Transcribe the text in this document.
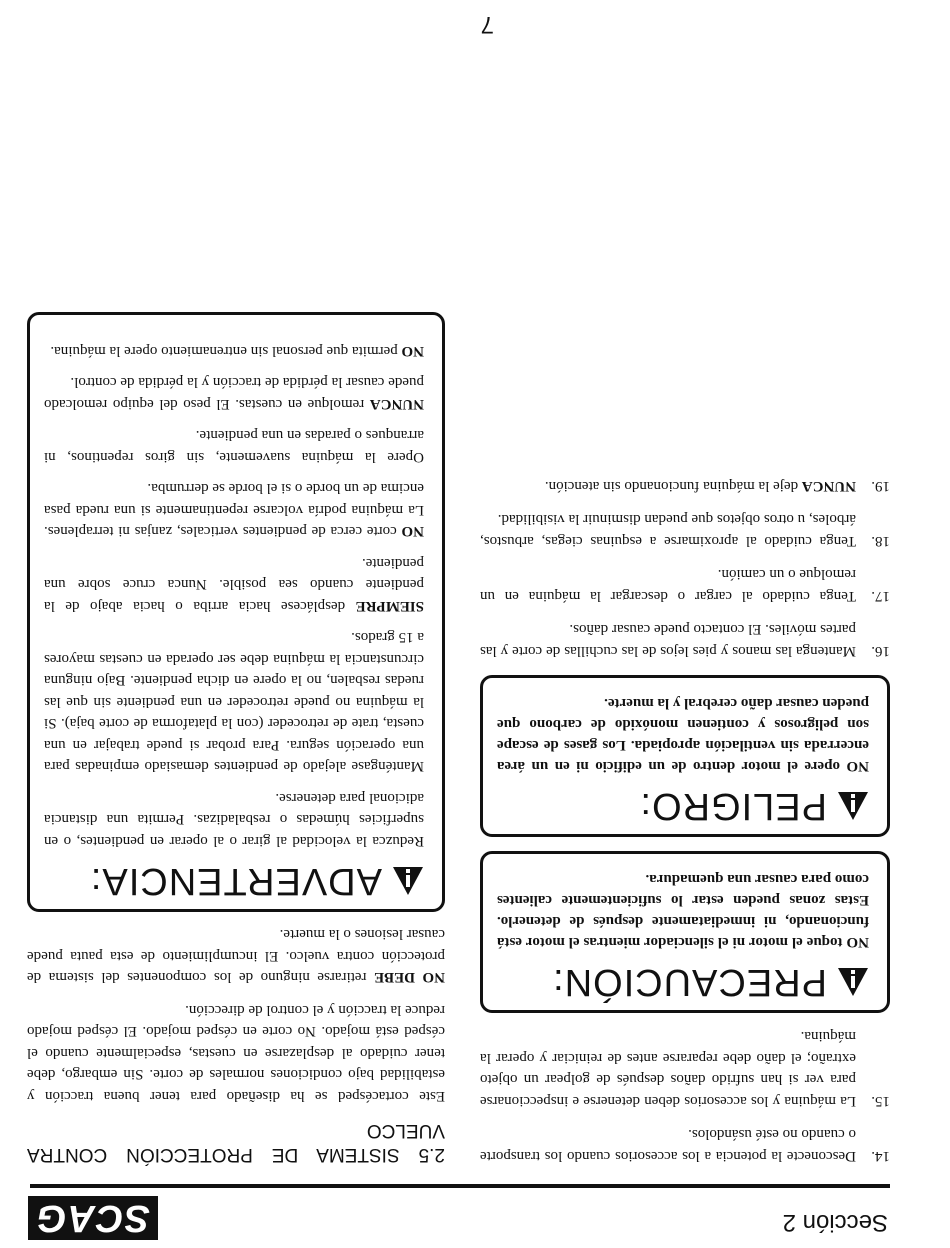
Sección 2
SCAG
14.
Desconecte la potencia a los accesorios cuando los transporte o cuando no esté usándolos.
15.
La máquina y los accesorios deben detenerse e inspeccionarse para ver si han sufrido daños después de golpear un objeto extraño; el daño debe repararse antes de reiniciar y operar la máquina.
PRECAUCIÓN:
NO toque el motor ni el silenciador mientras el motor está funcionando, ni inmediatamente después de detenerlo. Estas zonas pueden estar lo suficientemente calientes como para causar una quemadura.
PELIGRO:
NO opere el motor dentro de un edificio ni en un área encerrada sin ventilación apropiada. Los gases de escape son peligrosos y contienen monóxido de carbono que pueden causar daño cerebral y la muerte.
16.
Mantenga las manos y pies lejos de las cuchillas de corte y las partes móviles. El contacto puede causar daños.
17.
Tenga cuidado al cargar o descargar la máquina en un remolque o un camión.
18.
Tenga cuidado al aproximarse a esquinas ciegas, arbustos, árboles, u otros objetos que puedan disminuir la visibilidad.
19.
NUNCA deje la máquina funcionando sin atención.
2.5 SISTEMA DE PROTECCIÓN CONTRA VUELCO

Este cortacésped se ha diseñado para tener buena tracción y estabilidad bajo condiciones normales de corte. Sin embargo, debe tener cuidado al desplazarse en cuestas, especialmente cuando el césped está mojado. No corte en césped mojado. El césped mojado reduce la tracción y el control de dirección.

NO DEBE retirarse ninguno de los componentes del sistema de protección contra vuelco. El incumplimiento de esta pauta puede causar lesiones o la muerte.

ADVERTENCIA:

Reduzca la velocidad al girar o al operar en pendientes, o en superficies húmedas o resbaladizas. Permita una distancia adicional para detenerse.

Manténgase alejado de pendientes demasiado empinadas para una operación segura. Para probar si puede trabajar en una cuesta, trate de retroceder (con la plataforma de corte baja). Si la máquina no puede retroceder en una pendiente sin que las ruedas resbalen, no la opere en dicha pendiente. Bajo ninguna circunstancia la máquina debe ser operada en cuestas mayores a 15 grados.

SIEMPRE desplácese hacia arriba o hacia abajo de la pendiente cuando sea posible. Nunca cruce sobre una pendiente.

NO corte cerca de pendientes verticales, zanjas ni terraplenes. La máquina podría volcarse repentinamente si una rueda pasa encima de un borde o si el borde se derrumba.

Opere la máquina suavemente, sin giros repentinos, ni arranques o paradas en una pendiente.

NUNCA remolque en cuestas. El peso del equipo remolcado puede causar la pérdida de tracción y la pérdida de control.

NO permita que personal sin entrenamiento opere la máquina.

7
